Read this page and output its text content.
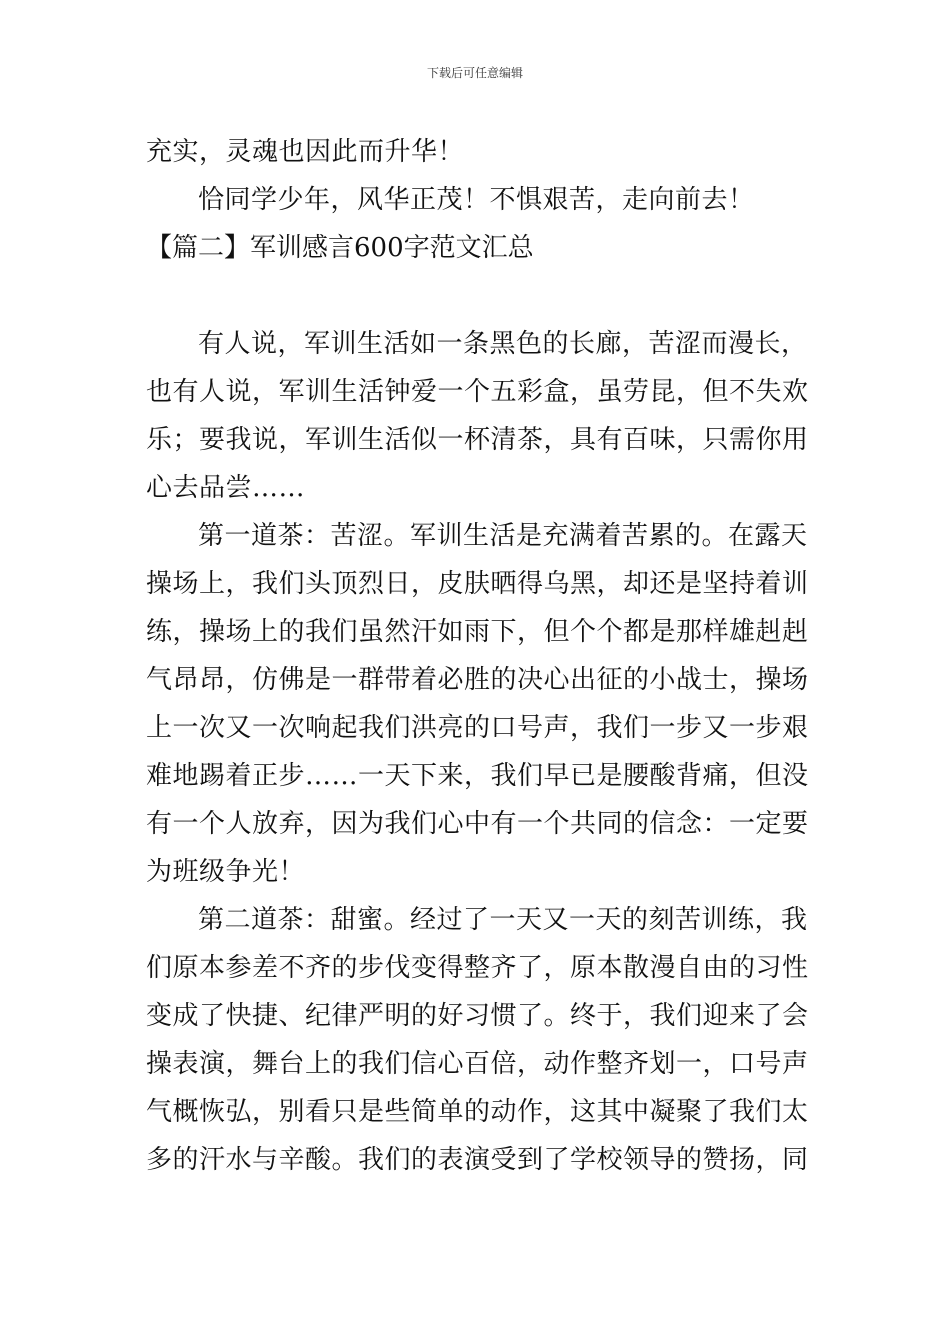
下载后可任意编辑
充实，灵魂也因此而升华！
恰同学少年，风华正茂！不惧艰苦，走向前去！
【篇二】军训感言600字范文汇总
有人说，军训生活如一条黑色的长廊，苦涩而漫长，
也有人说，军训生活钟爱一个五彩盒，虽劳昆，但不失欢
乐；要我说，军训生活似一杯清茶，具有百味，只需你用
心去品尝……
第一道茶：苦涩。军训生活是充满着苦累的。在露天
操场上，我们头顶烈日，皮肤晒得乌黑，却还是坚持着训
练，操场上的我们虽然汗如雨下，但个个都是那样雄赳赳
气昂昂，仿佛是一群带着必胜的决心出征的小战士，操场
上一次又一次响起我们洪亮的口号声，我们一步又一步艰
难地踢着正步……一天下来，我们早已是腰酸背痛，但没
有一个人放弃，因为我们心中有一个共同的信念：一定要
为班级争光！
第二道茶：甜蜜。经过了一天又一天的刻苦训练，我
们原本参差不齐的步伐变得整齐了，原本散漫自由的习性
变成了快捷、纪律严明的好习惯了。终于，我们迎来了会
操表演，舞台上的我们信心百倍，动作整齐划一，口号声
气概恢弘，别看只是些简单的动作，这其中凝聚了我们太
多的汗水与辛酸。我们的表演受到了学校领导的赞扬，同
